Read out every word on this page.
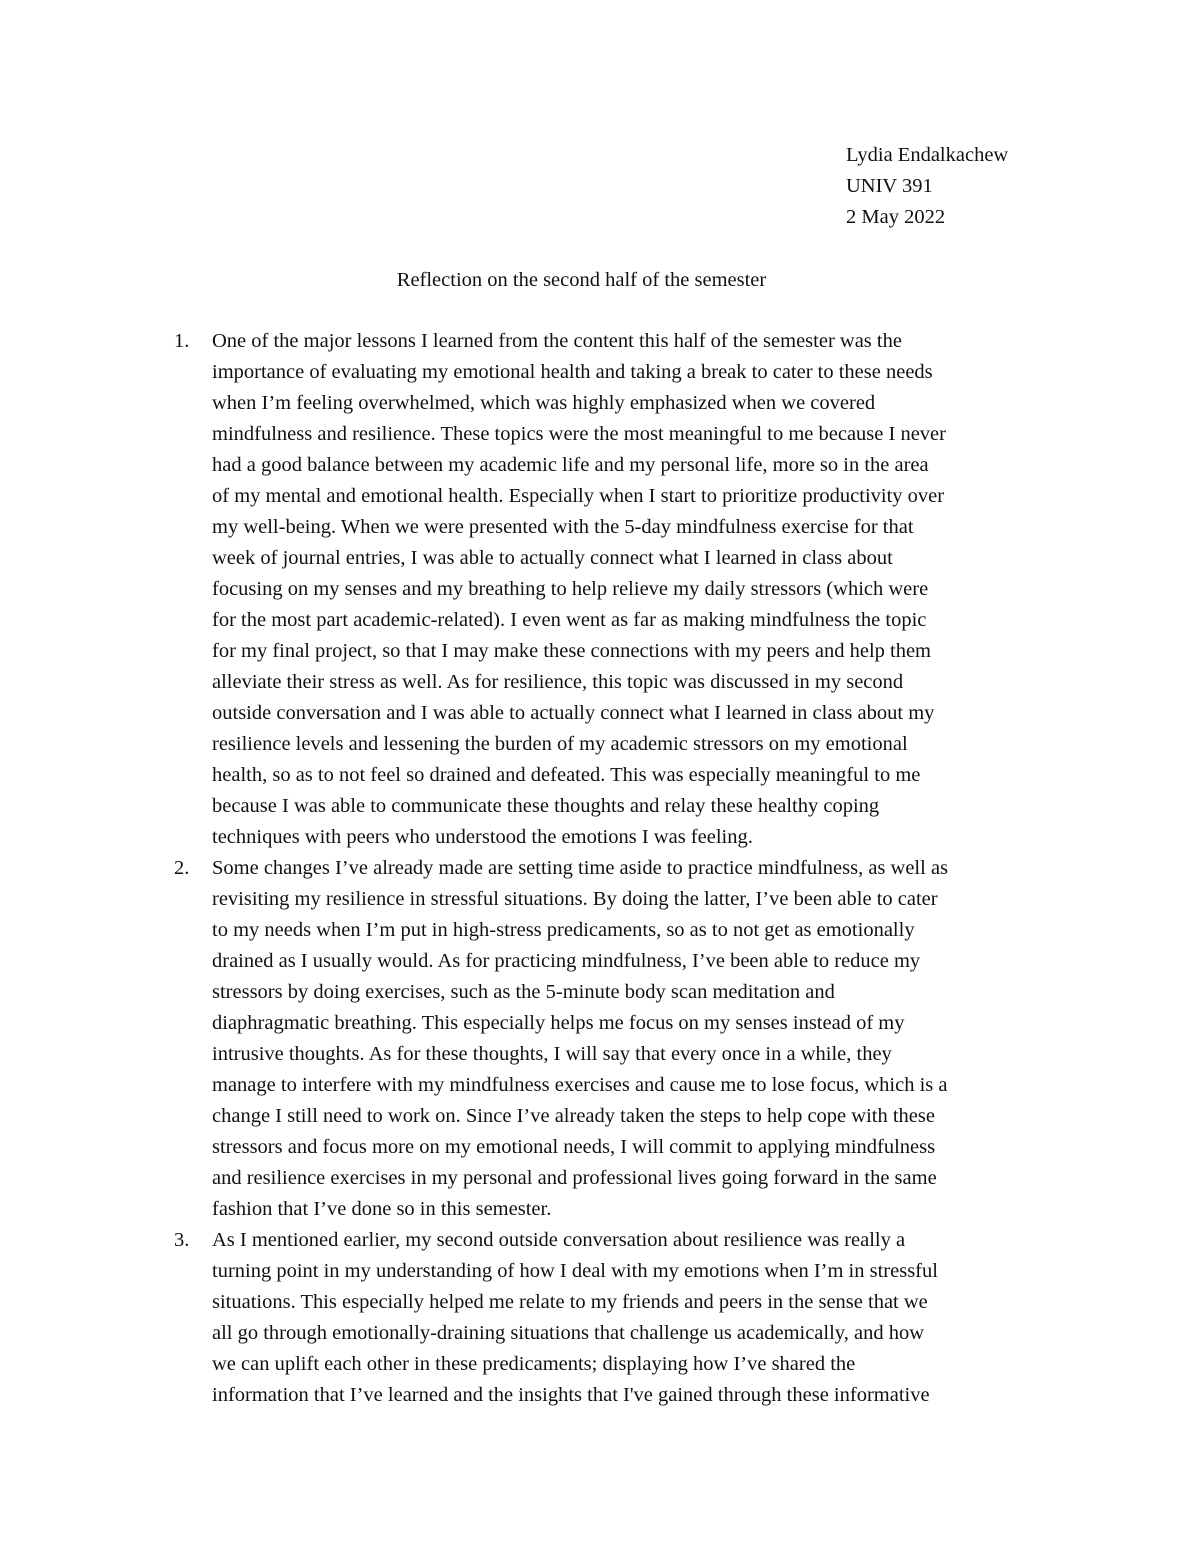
Lydia Endalkachew
UNIV 391
2 May 2022
Reflection on the second half of the semester
1. One of the major lessons I learned from the content this half of the semester was the
importance of evaluating my emotional health and taking a break to cater to these needs
when I’m feeling overwhelmed, which was highly emphasized when we covered
mindfulness and resilience. These topics were the most meaningful to me because I never
had a good balance between my academic life and my personal life, more so in the area
of my mental and emotional health. Especially when I start to prioritize productivity over
my well-being. When we were presented with the 5-day mindfulness exercise for that
week of journal entries, I was able to actually connect what I learned in class about
focusing on my senses and my breathing to help relieve my daily stressors (which were
for the most part academic-related). I even went as far as making mindfulness the topic
for my final project, so that I may make these connections with my peers and help them
alleviate their stress as well. As for resilience, this topic was discussed in my second
outside conversation and I was able to actually connect what I learned in class about my
resilience levels and lessening the burden of my academic stressors on my emotional
health, so as to not feel so drained and defeated. This was especially meaningful to me
because I was able to communicate these thoughts and relay these healthy coping
techniques with peers who understood the emotions I was feeling.
2. Some changes I’ve already made are setting time aside to practice mindfulness, as well as
revisiting my resilience in stressful situations. By doing the latter, I’ve been able to cater
to my needs when I’m put in high-stress predicaments, so as to not get as emotionally
drained as I usually would. As for practicing mindfulness, I’ve been able to reduce my
stressors by doing exercises, such as the 5-minute body scan meditation and
diaphragmatic breathing. This especially helps me focus on my senses instead of my
intrusive thoughts. As for these thoughts, I will say that every once in a while, they
manage to interfere with my mindfulness exercises and cause me to lose focus, which is a
change I still need to work on. Since I’ve already taken the steps to help cope with these
stressors and focus more on my emotional needs, I will commit to applying mindfulness
and resilience exercises in my personal and professional lives going forward in the same
fashion that I’ve done so in this semester.
3. As I mentioned earlier, my second outside conversation about resilience was really a
turning point in my understanding of how I deal with my emotions when I’m in stressful
situations. This especially helped me relate to my friends and peers in the sense that we
all go through emotionally-draining situations that challenge us academically, and how
we can uplift each other in these predicaments; displaying how I’ve shared the
information that I’ve learned and the insights that I've gained through these informative
